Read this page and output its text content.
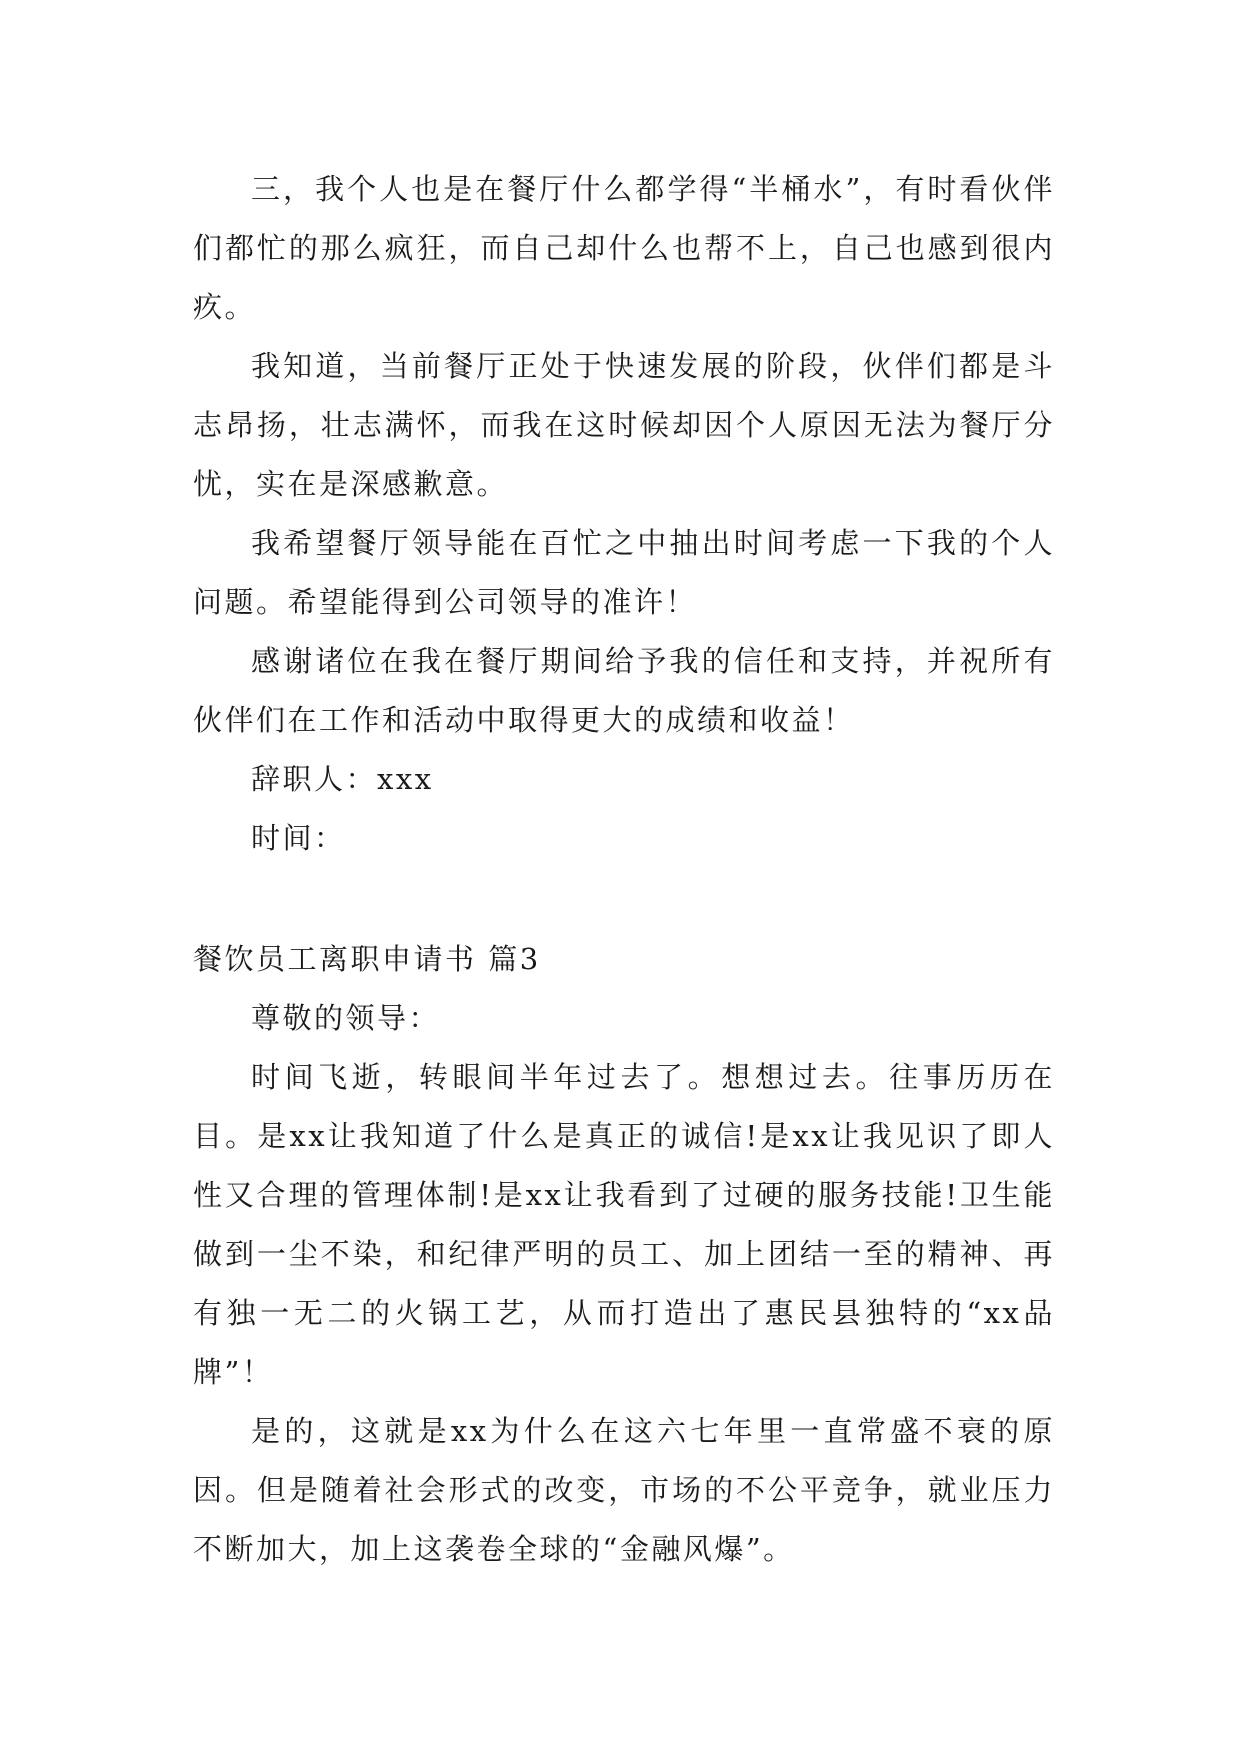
三，我个人也是在餐厅什么都学得“半桶水”，有时看伙伴们都忙的那么疯狂，而自己却什么也帮不上，自己也感到很内疚。

我知道，当前餐厅正处于快速发展的阶段，伙伴们都是斗志昂扬，壮志满怀，而我在这时候却因个人原因无法为餐厅分忧，实在是深感歉意。

我希望餐厅领导能在百忙之中抽出时间考虑一下我的个人问题。希望能得到公司领导的准许！

感谢诸位在我在餐厅期间给予我的信任和支持，并祝所有伙伴们在工作和活动中取得更大的成绩和收益！

辞职人：xxx

时间：

餐饮员工离职申请书 篇3

尊敬的领导：

时间飞逝，转眼间半年过去了。想想过去。往事历历在目。是xx让我知道了什么是真正的诚信!是xx让我见识了即人性又合理的管理体制!是xx让我看到了过硬的服务技能!卫生能做到一尘不染，和纪律严明的员工、加上团结一至的精神、再有独一无二的火锅工艺，从而打造出了惠民县独特的“xx品牌”！

是的，这就是xx为什么在这六七年里一直常盛不衰的原因。但是随着社会形式的改变，市场的不公平竞争，就业压力不断加大，加上这袭卷全球的“金融风爆”。
